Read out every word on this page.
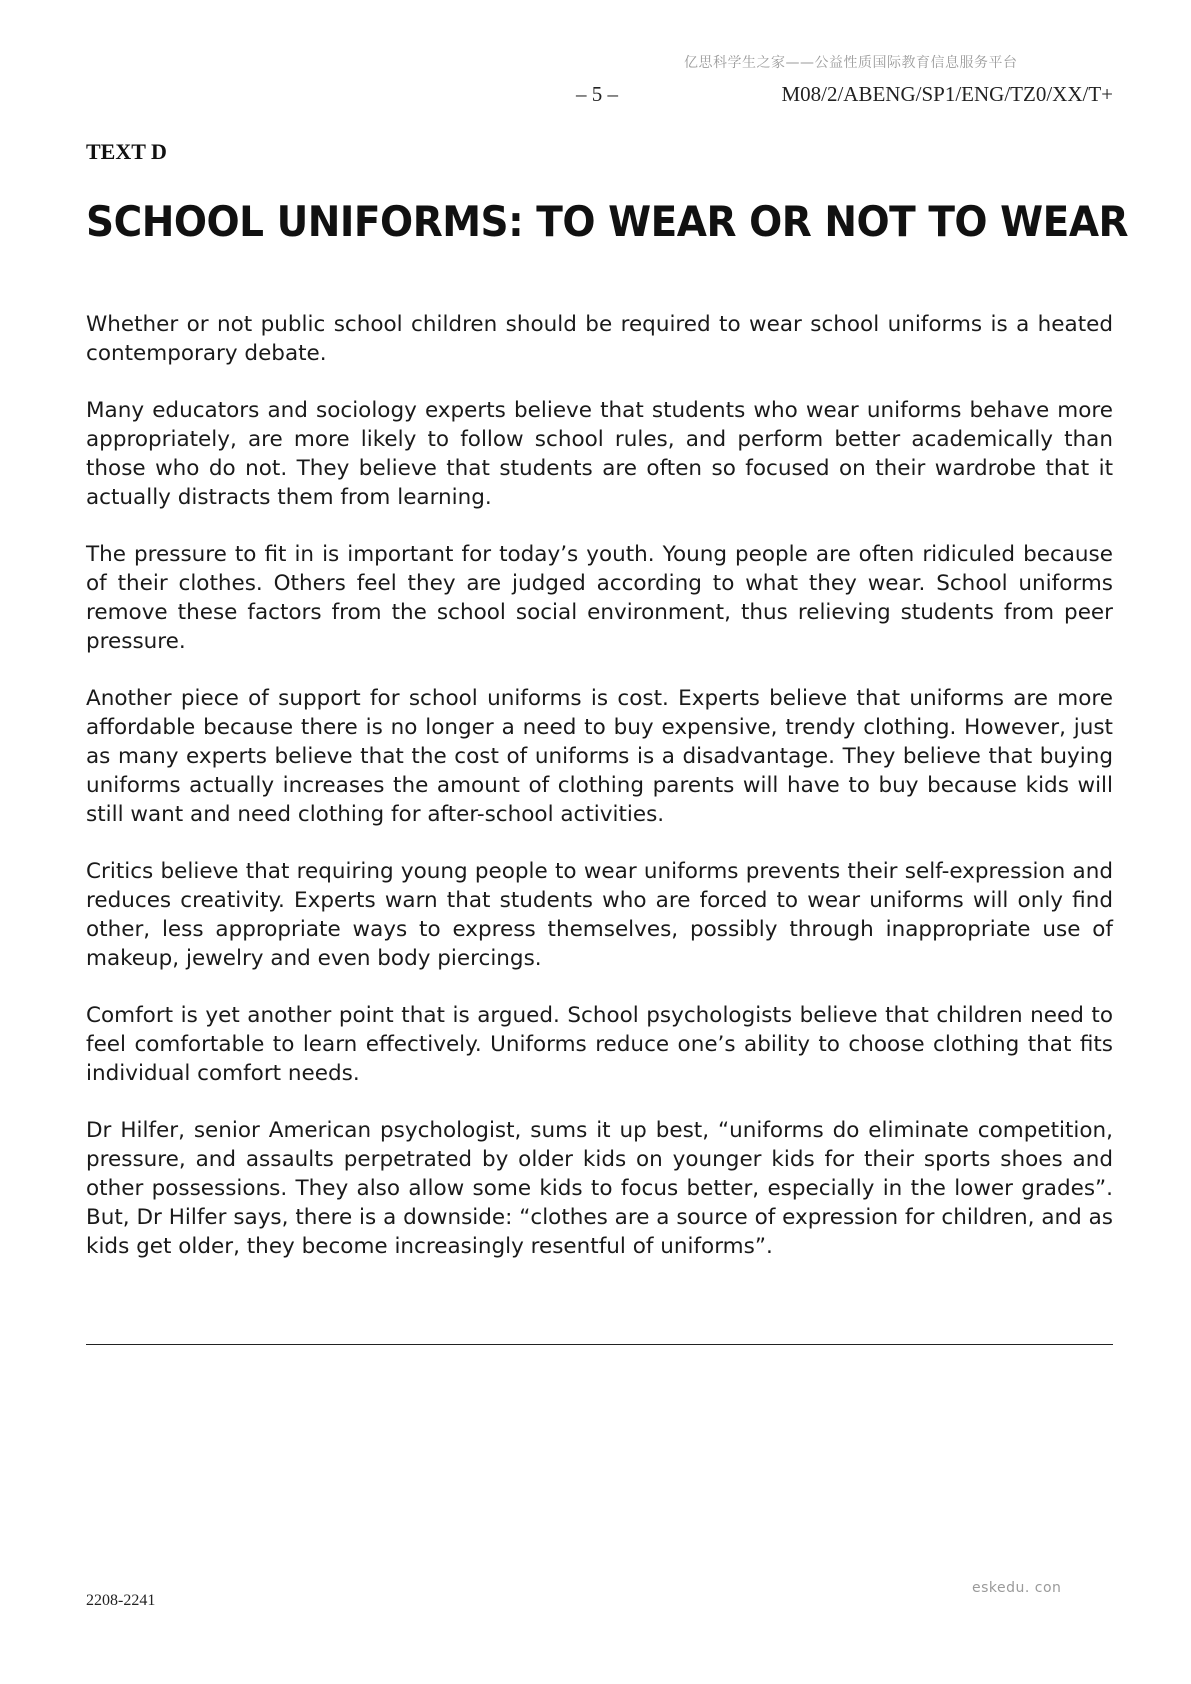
亿思科学生之家——公益性质国际教育信息服务平台
– 5 –	M08/2/ABENG/SP1/ENG/TZ0/XX/T+
TEXT D
SCHOOL UNIFORMS: TO WEAR OR NOT TO WEAR

Whether or not public school children should be required to wear school uniforms is a heated contemporary debate.

Many educators and sociology experts believe that students who wear uniforms behave more appropriately, are more likely to follow school rules, and perform better academically than those who do not. They believe that students are often so focused on their wardrobe that it actually distracts them from learning.

The pressure to fit in is important for today’s youth. Young people are often ridiculed because of their clothes. Others feel they are judged according to what they wear. School uniforms remove these factors from the school social environment, thus relieving students from peer pressure.

Another piece of support for school uniforms is cost. Experts believe that uniforms are more affordable because there is no longer a need to buy expensive, trendy clothing. However, just as many experts believe that the cost of uniforms is a disadvantage. They believe that buying uniforms actually increases the amount of clothing parents will have to buy because kids will still want and need clothing for after-school activities.

Critics believe that requiring young people to wear uniforms prevents their self-expression and reduces creativity. Experts warn that students who are forced to wear uniforms will only find other, less appropriate ways to express themselves, possibly through inappropriate use of makeup, jewelry and even body piercings.

Comfort is yet another point that is argued. School psychologists believe that children need to feel comfortable to learn effectively. Uniforms reduce one’s ability to choose clothing that fits individual comfort needs.

Dr Hilfer, senior American psychologist, sums it up best, “uniforms do eliminate competition, pressure, and assaults perpetrated by older kids on younger kids for their sports shoes and other possessions. They also allow some kids to focus better, especially in the lower grades”. But, Dr Hilfer says, there is a downside: “clothes are a source of expression for children, and as kids get older, they become increasingly resentful of uniforms”.

eskedu. con
2208-2241
